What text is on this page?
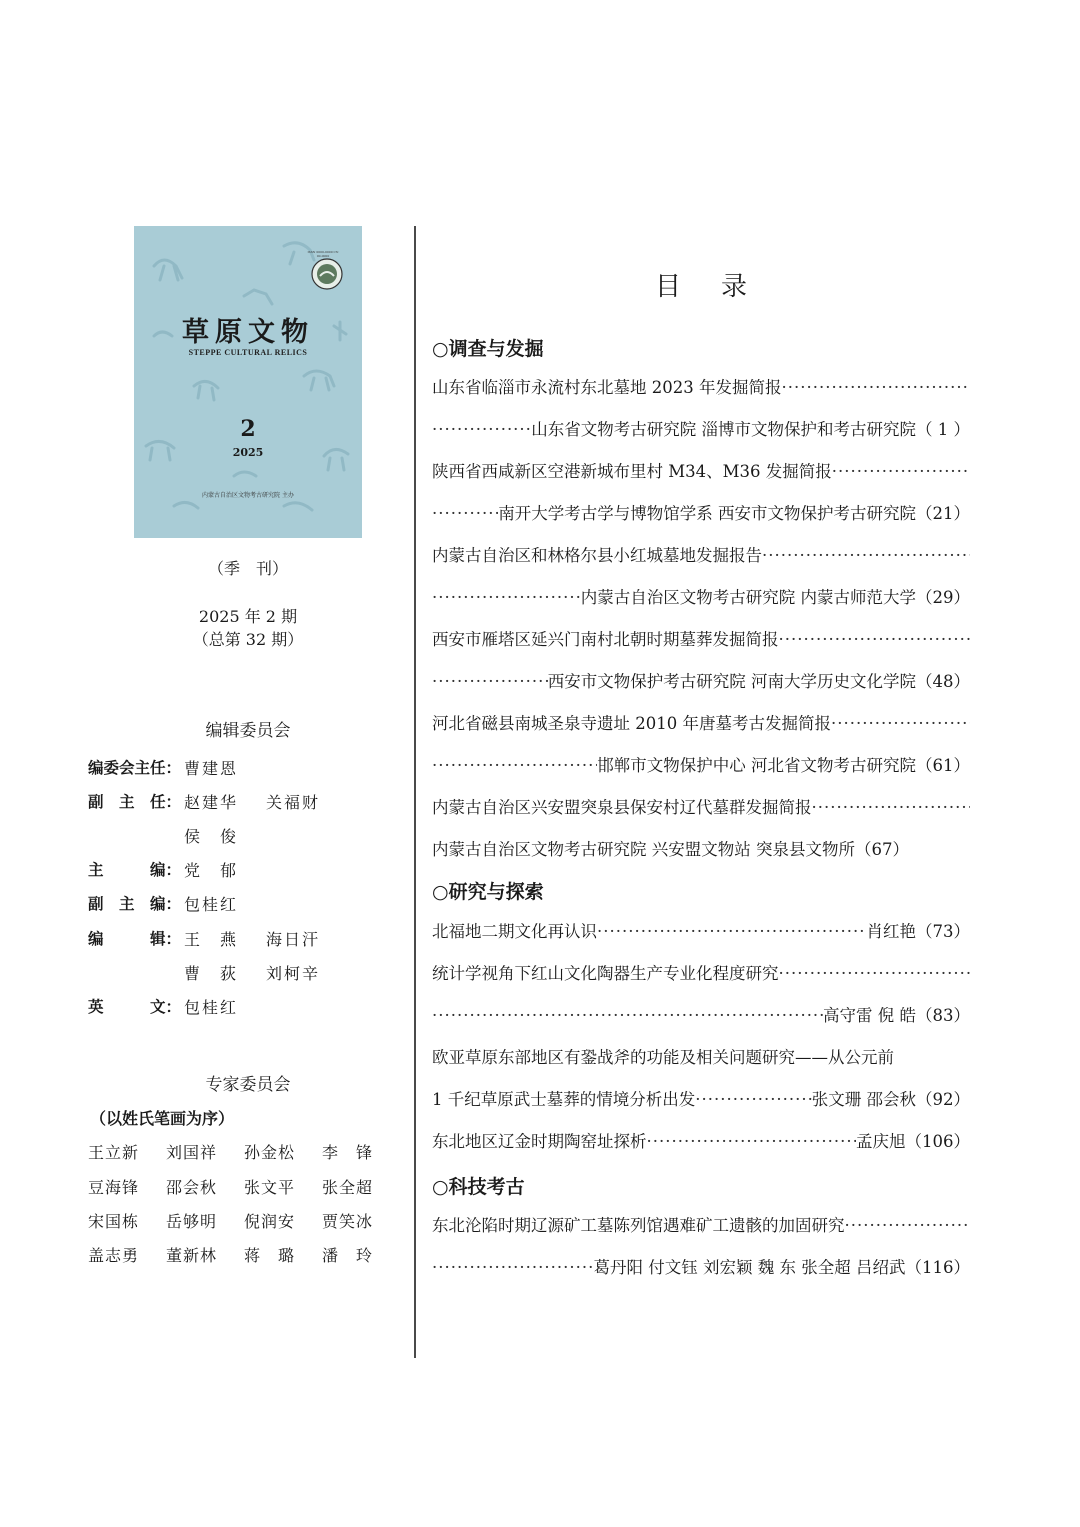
ISSN 0000-0000 CN 00-0000
草原文物
STEPPE CULTURAL RELICS
2
2025
内蒙古自治区文物考古研究院 主办
（季　刊）
2025 年 2 期
（总第 32 期）
编辑委员会
编委会主任： 曹建恩
副　主　任： 赵建华	关福财
侯　俊
主　　　编： 党　郁
副　主　编： 包桂红
编　　　辑： 王　燕	海日汗
曹　荻	刘柯辛
英　　　文： 包桂红
专家委员会
（以姓氏笔画为序）
王立新	刘国祥	孙金松	李　锋
豆海锋	邵会秋	张文平	张全超
宋国栋	岳够明	倪润安	贾笑冰
盖志勇	董新林	蒋　璐	潘　玲
目录
○调查与发掘
山东省临淄市永流村东北墓地 2023 年发掘简报
·····
·····
山东省文物考古研究院 淄博市文物保护和考古研究院（ 1 ）
陕西省西咸新区空港新城布里村 M34、M36 发掘简报
·····
·····
南开大学考古学与博物馆学系 西安市文物保护考古研究院（21）
内蒙古自治区和林格尔县小红城墓地发掘报告
·····
·····
内蒙古自治区文物考古研究院 内蒙古师范大学（29）
西安市雁塔区延兴门南村北朝时期墓葬发掘简报
·····
·····
西安市文物保护考古研究院 河南大学历史文化学院（48）
河北省磁县南城圣泉寺遗址 2010 年唐墓考古发掘简报
·····
·····
邯郸市文物保护中心 河北省文物考古研究院（61）
内蒙古自治区兴安盟突泉县保安村辽代墓群发掘简报
·····
内蒙古自治区文物考古研究院 兴安盟文物站 突泉县文物所（67）
○研究与探索
北福地二期文化再认识 ·····	肖红艳（73）
统计学视角下红山文化陶器生产专业化程度研究
·····
·····
高守雷 倪 皓（83）
欧亚草原东部地区有銎战斧的功能及相关问题研究——从公元前
1 千纪草原武士墓葬的情境分析出发 ·····	张文珊 邵会秋（92）
东北地区辽金时期陶窑址探析 ·····	孟庆旭（106）
○科技考古
东北沦陷时期辽源矿工墓陈列馆遇难矿工遗骸的加固研究
·····
·····
葛丹阳 付文钰 刘宏颖 魏 东 张全超 吕绍武（116）
